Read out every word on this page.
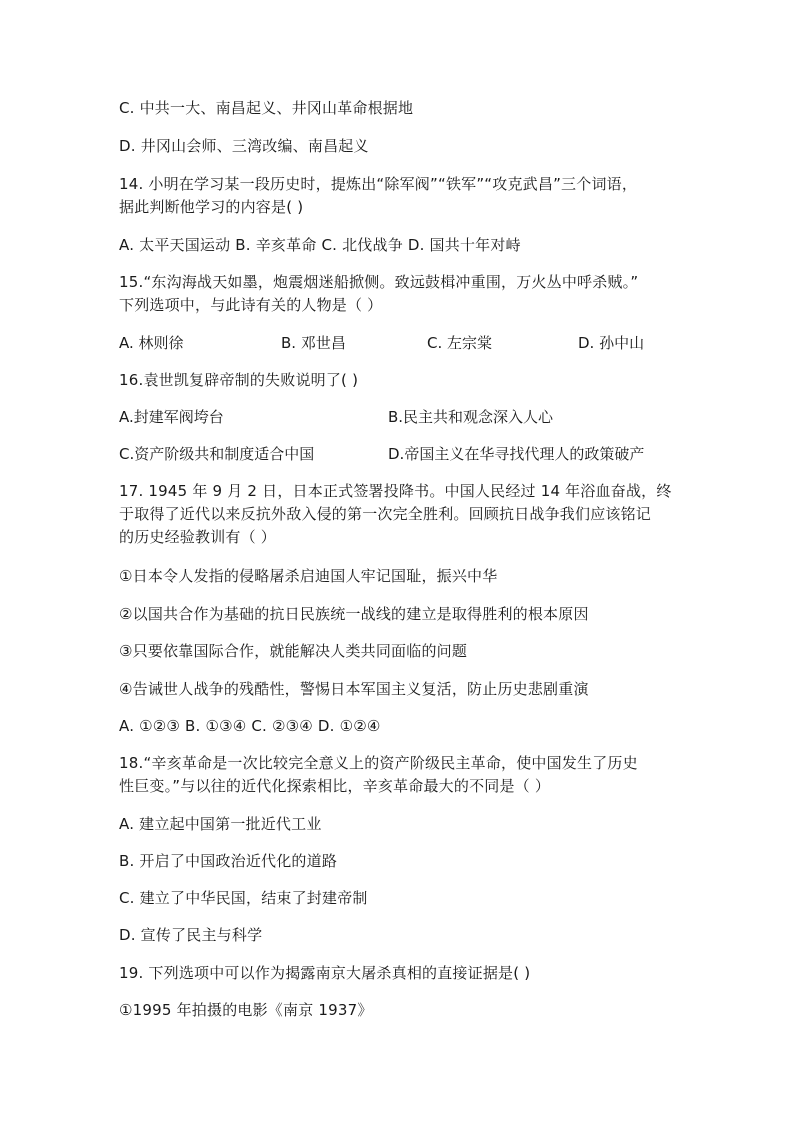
C. 中共一大、南昌起义、井冈山革命根据地
D. 井冈山会师、三湾改编、南昌起义
14. 小明在学习某一段历史时，提炼出“除军阀”“铁军”“攻克武昌”三个词语，
据此判断他学习的内容是( )
A. 太平天国运动 B. 辛亥革命 C. 北伐战争 D. 国共十年对峙
15.“东沟海战天如墨，炮震烟迷船掀侧。致远鼓楫冲重围，万火丛中呼杀贼。”
下列选项中，与此诗有关的人物是（ ）
A. 林则徐	B. 邓世昌	C. 左宗棠	D. 孙中山
16.袁世凯复辟帝制的失败说明了( )
A.封建军阀垮台	B.民主共和观念深入人心
C.资产阶级共和制度适合中国	D.帝国主义在华寻找代理人的政策破产
17. 1945 年 9 月 2 日，日本正式签署投降书。中国人民经过 14 年浴血奋战，终
于取得了近代以来反抗外敌入侵的第一次完全胜利。回顾抗日战争我们应该铭记
的历史经验教训有（ ）
①日本令人发指的侵略屠杀启迪国人牢记国耻，振兴中华
②以国共合作为基础的抗日民族统一战线的建立是取得胜利的根本原因
③只要依靠国际合作，就能解决人类共同面临的问题
④告诫世人战争的残酷性，警惕日本军国主义复活，防止历史悲剧重演
A. ①②③ B. ①③④ C. ②③④ D. ①②④
18.“辛亥革命是一次比较完全意义上的资产阶级民主革命，使中国发生了历史
性巨变。”与以往的近代化探索相比，辛亥革命最大的不同是（ ）
A. 建立起中国第一批近代工业
B. 开启了中国政治近代化的道路
C. 建立了中华民国，结束了封建帝制
D. 宣传了民主与科学
19. 下列选项中可以作为揭露南京大屠杀真相的直接证据是( )
①1995 年拍摄的电影《南京 1937》
